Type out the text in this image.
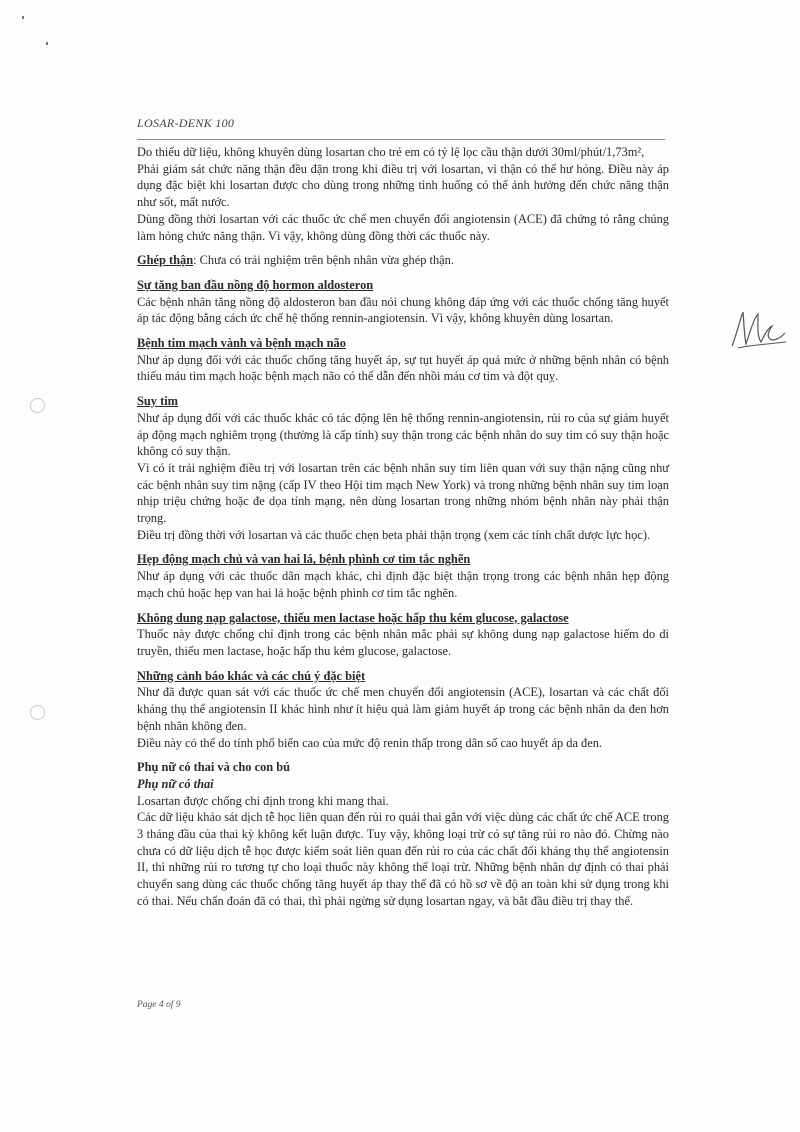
LOSAR-DENK 100

Do thiếu dữ liệu, không khuyên dùng losartan cho trẻ em có tỷ lệ lọc cầu thận dưới 30ml/phút/1,73m²,

Phải giám sát chức năng thận đều đặn trong khi điều trị với losartan, vì thận có thể hư hỏng. Điều này áp dụng đặc biệt khi losartan được cho dùng trong những tình huống có thể ảnh hưởng đến chức năng thận như sốt, mất nước.

Dùng đồng thời losartan với các thuốc ức chế men chuyển đổi angiotensin (ACE) đã chứng tỏ rằng chúng làm hỏng chức năng thận. Vì vậy, không dùng đồng thời các thuốc này.

Ghép thận: Chưa có trải nghiệm trên bệnh nhân vừa ghép thận.

Sự tăng ban đầu nồng độ hormon aldosteron

Các bệnh nhân tăng nồng độ aldosteron ban đầu nói chung không đáp ứng với các thuốc chống tăng huyết áp tác động bằng cách ức chế hệ thống rennin-angiotensin. Vì vậy, không khuyên dùng losartan.

Bệnh tim mạch vành và bệnh mạch não

Như áp dụng đối với các thuốc chống tăng huyết áp, sự tụt huyết áp quá mức ở những bệnh nhân có bệnh thiếu máu tim mạch hoặc bệnh mạch não có thể dẫn đến nhồi máu cơ tim và đột quỵ.

Suy tim

Như áp dụng đối với các thuốc khác có tác động lên hệ thống rennin-angiotensin, rủi ro của sự giảm huyết áp động mạch nghiêm trọng (thường là cấp tính) suy thận trong các bệnh nhân do suy tim có suy thận hoặc không có suy thận.

Vì có ít trải nghiệm điều trị với losartan trên các bệnh nhân suy tim liên quan với suy thận nặng cũng như các bệnh nhân suy tim nặng (cấp IV theo Hội tim mạch New York) và trong những bệnh nhân suy tim loạn nhịp triệu chứng hoặc đe dọa tính mạng, nên dùng losartan trong những nhóm bệnh nhân này phải thận trọng.

Điều trị đồng thời với losartan và các thuốc chẹn beta phải thận trọng (xem các tính chất dược lực học).

Hẹp động mạch chủ và van hai lá, bệnh phình cơ tim tắc nghẽn

Như áp dụng với các thuốc dãn mạch khác, chỉ định đặc biệt thận trọng trong các bệnh nhân hẹp động mạch chủ hoặc hẹp van hai lá hoặc bệnh phình cơ tim tắc nghẽn.

Không dung nạp galactose, thiếu men lactase hoặc hấp thu kém glucose, galactose

Thuốc này được chống chỉ định trong các bệnh nhân mắc phải sự không dung nạp galactose hiếm do di truyền, thiếu men lactase, hoặc hấp thu kém glucose, galactose.

Những cảnh báo khác và các chú ý đặc biệt

Như đã được quan sát với các thuốc ức chế men chuyển đổi angiotensin (ACE), losartan và các chất đối kháng thụ thể angiotensin II khác hình như ít hiệu quả làm giảm huyết áp trong các bệnh nhân da đen hơn bệnh nhân không đen.

Điều này có thể do tính phổ biến cao của mức độ renin thấp trong dân số cao huyết áp da đen.

Phụ nữ có thai và cho con bú

Phụ nữ có thai

Losartan được chống chỉ định trong khi mang thai.

Các dữ liệu khảo sát dịch tễ học liên quan đến rủi ro quái thai gắn với việc dùng các chất ức chế ACE trong 3 tháng đầu của thai kỳ không kết luận được. Tuy vậy, không loại trừ có sự tăng rủi ro nào đó. Chừng nào chưa có dữ liệu dịch tễ học được kiểm soát liên quan đến rủi ro của các chất đối kháng thụ thể angiotensin II, thì những rủi ro tương tự cho loại thuốc này không thể loại trừ. Những bệnh nhân dự định có thai phải chuyển sang dùng các thuốc chống tăng huyết áp thay thế đã có hồ sơ về độ an toàn khi sử dụng trong khi có thai. Nếu chẩn đoán đã có thai, thì phải ngừng sử dụng losartan ngay, và bắt đầu điều trị thay thế.

Page 4 of 9
